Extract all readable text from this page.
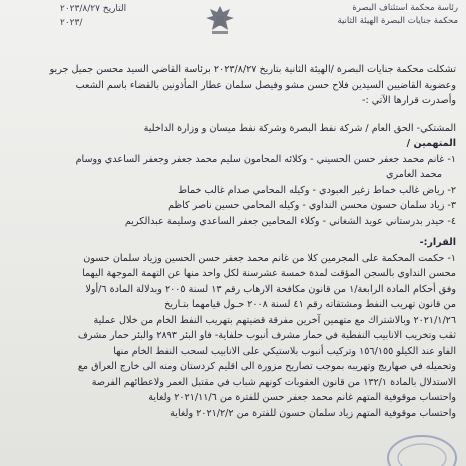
رئاسة محكمة استئناف البصرة
محكمة جنايات البصرة الهيئة الثانية
التاريخ ٢٠٢٣/٨/٢٧
٢٠٢٣/

تشكلت محكمة جنايات البصرة /الهيئة الثانية بتاريخ ٢٠٢٣/٨/٢٧ برئاسة القاضي السيد محسن جميل جريو

وعضوية القاضيين السيدين فلاح حسن مشو وفيصل سلمان عطار المأذونين بالقضاء باسم الشعب

وأصدرت قرارها الآتي :-

المشتكي- الحق العام / شركة نفط البصرة وشركة نفط ميسان و وزارة الداخلية

المتهمين /

١- غانم محمد جعفر حسن الحسيني - وكلائه المحامون سليم محمد جعفر وجعفر الساعدي ووسام

محمد العامري

٢- رياض غالب خماط زغير العبودي - وكيله المحامي صدام غالب خماط

٣- زياد سلمان حسون محسن النداوي - وكيله المحامي حسين ناصر كاظم

٤- حيدر بدرستاني عويد الشغاني - وكلاء المحامين جعفر الساعدي وسليمة عبدالكريم

القرار:-

١- حكمت المحكمة على المجرمين كلا من غانم محمد جعفر حسن الحسين وزياد سلمان حسون

محسن النداوي بالسجن المؤقت لمدة خمسة عشرسنة لكل واحد منها عن التهمة الموجهة اليهما

وفق أحكام المادة الرابعة/١ من قانون مكافحة الارهاب رقم ١٣ لسنة ٢٠٠٥ وبدلالة المادة ٦/أولا

من قانون تهريب النفط ومشتقاته رقم ٤١ لسنة ٢٠٠٨ حـول قيامهما بتـاريخ

٢٠٢١/١/٢٦ وبالاشتراك مع متهمين آخرين مفرقة قضيتهم بتهريب النفط الخام من خلال عملية

ثقب وتخريب الانابيب النفطية في حمار مشرف أنبوب حلفاية- فاو البئر ٢٨٩٣ والبئر حمار مشرف

الفاو عند الكيلو ١٥٦/١٥٥ وتركيب أنبوب بلاستيكي على الانابيب لسحب النفط الخام منها

وتحميله في صهاريج وتهريبه بموجب تصاريح مزورة الى اقليم كردستان ومنه الى خارج العراق مع

الاستدلال بالمادة ١٣٢/١ من قانون العقوبات كونهم شباب في مقتبل العمر ولاعطائهم الفرصة

واحتساب موقوفية المتهم غانم محمد جعفر حسن للفترة من ٢٠٢١/١١/٦ ولغاية

واحتساب موقوفية المتهم زياد سلمان حسون للفترة من ٢٠٢١/٢/٢ ولغاية
